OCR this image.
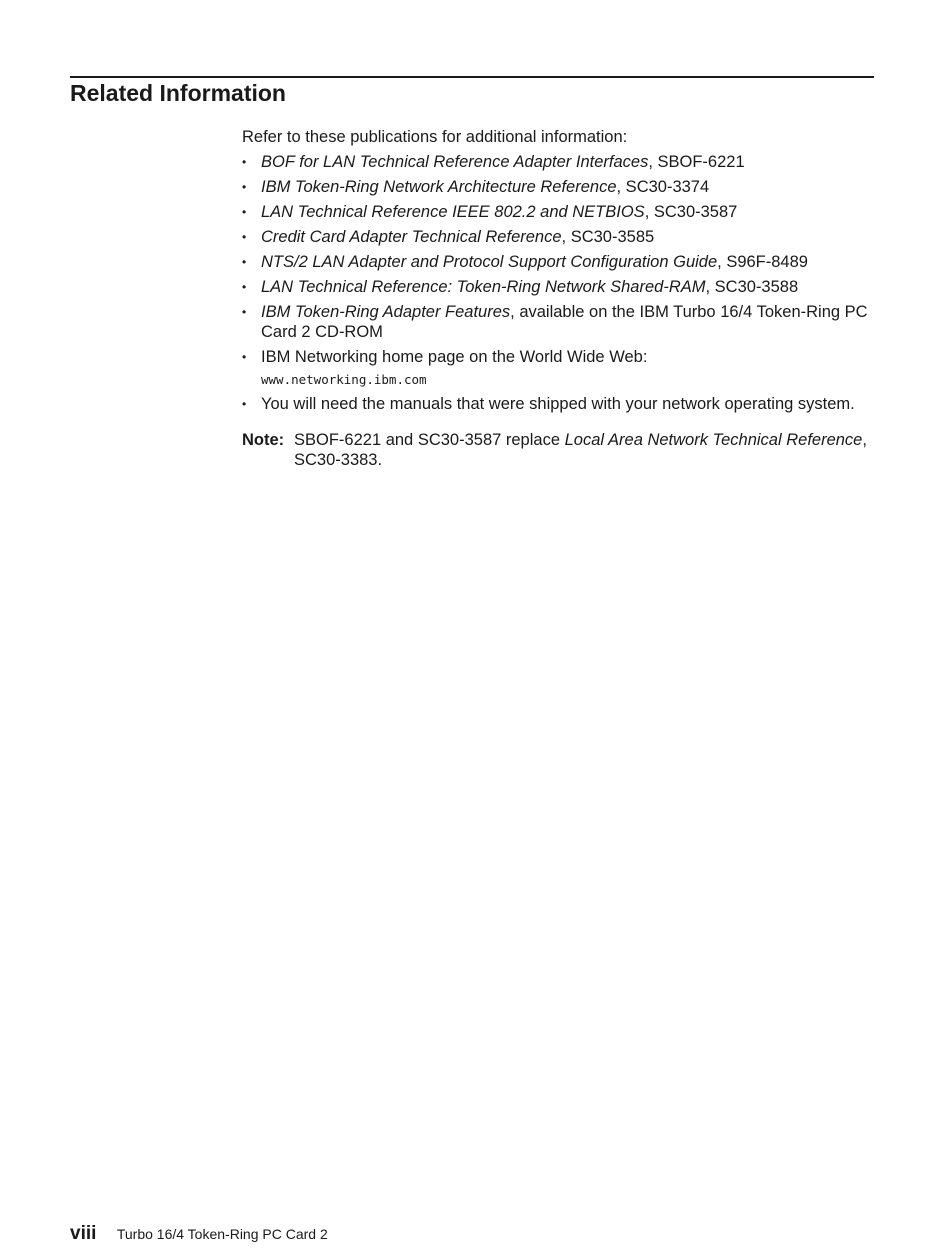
Related Information

Refer to these publications for additional information:

• BOF for LAN Technical Reference Adapter Interfaces, SBOF-6221
• IBM Token-Ring Network Architecture Reference, SC30-3374
• LAN Technical Reference IEEE 802.2 and NETBIOS, SC30-3587
• Credit Card Adapter Technical Reference, SC30-3585
• NTS/2 LAN Adapter and Protocol Support Configuration Guide, S96F-8489
• LAN Technical Reference: Token-Ring Network Shared-RAM, SC30-3588
• IBM Token-Ring Adapter Features, available on the IBM Turbo 16/4 Token-Ring PC Card 2 CD-ROM
• IBM Networking home page on the World Wide Web:
www.networking.ibm.com
• You will need the manuals that were shipped with your network operating system.
Note: SBOF-6221 and SC30-3587 replace Local Area Network Technical Reference, SC30-3383.
viii Turbo 16/4 Token-Ring PC Card 2
